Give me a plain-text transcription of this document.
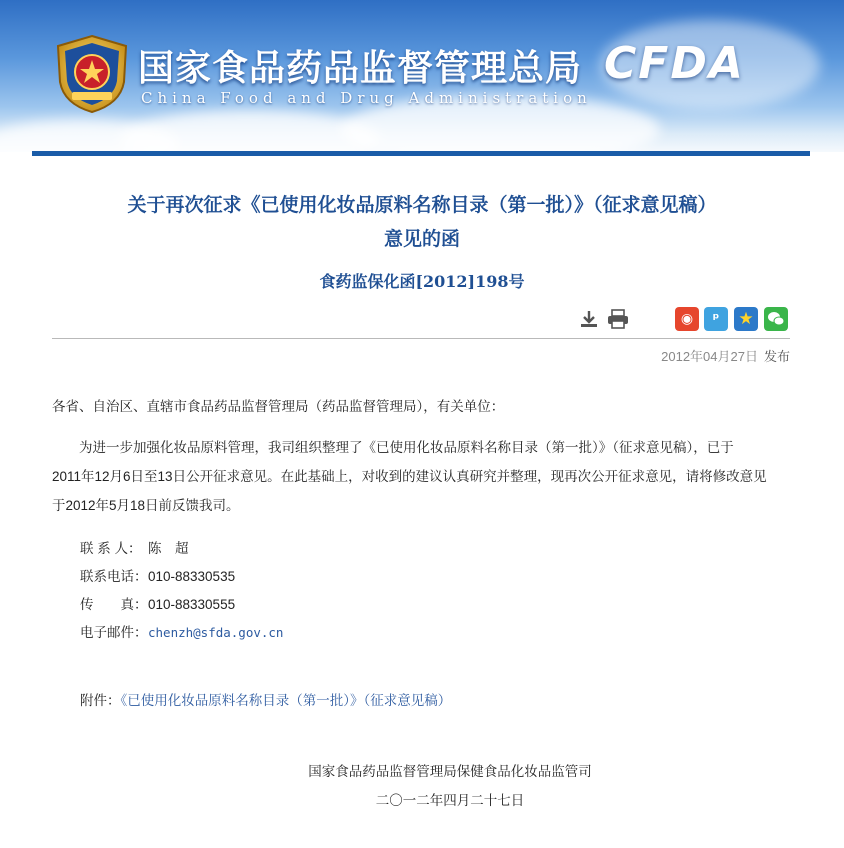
国家食品药品监督管理总局
China Food and Drug Administration
CFDA
关于再次征求《已使用化妆品原料名称目录（第一批）》（征求意见稿）
意见的函
食药监保化函[2012]198号
◉ ᵖ ★
2012年04月27日 发布
各省、自治区、直辖市食品药品监督管理局（药品监督管理局），有关单位：
为进一步加强化妆品原料管理，我司组织整理了《已使用化妆品原料名称目录（第一批）》（征求意见稿），已于
2011年12月6日至13日公开征求意见。在此基础上，对收到的建议认真研究并整理，现再次公开征求意见，请将修改意见
于2012年5月18日前反馈我司。
联 系 人： 陈　超
联系电话：010-88330535
传　　真：010-88330555
电子邮件：chenzh@sfda.gov.cn
附件：《已使用化妆品原料名称目录（第一批）》（征求意见稿）
国家食品药品监督管理局保健食品化妆品监管司
二〇一二年四月二十七日
